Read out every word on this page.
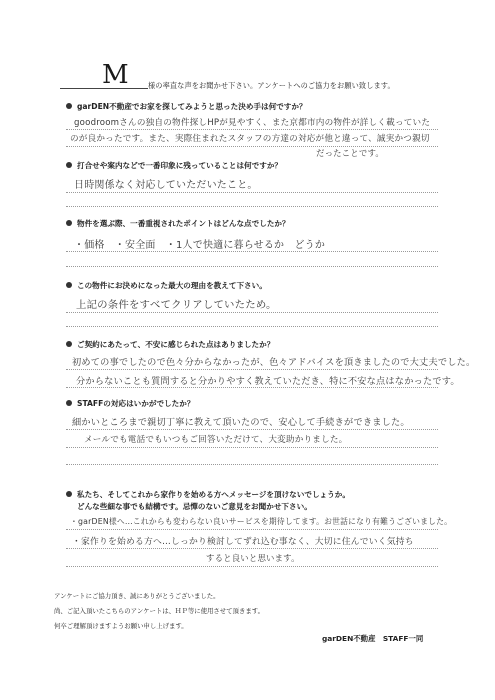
M	様の率直な声をお聞かせ下さい。アンケートへのご協力をお願い致します。
garDEN不動産でお家を探してみようと思った決め手は何ですか？
goodroomさんの独自の物件探しHPが見やすく、また京都市内の物件が詳しく載っていた
のが良かったです。また、実際住まれたスタッフの方達の対応が他と違って、誠実かつ親切
だったことです。
打合せや案内などで一番印象に残っていることは何ですか？
日時関係なく対応していただいたこと。
物件を選ぶ際、一番重視されたポイントはどんな点でしたか？
・価格　・安全面　・1人で快適に暮らせるか　どうか
この物件にお決めになった最大の理由を教えて下さい。
上記の条件をすべてクリアしていたため。
ご契約にあたって、不安に感じられた点はありましたか？
初めての事でしたので色々分からなかったが、色々アドバイスを頂きましたので大丈夫でした。
分からないことも質問すると分かりやすく教えていただき、特に不安な点はなかったです。
STAFFの対応はいかがでしたか？
細かいところまで親切丁寧に教えて頂いたので、安心して手続きができました。
メールでも電話でもいつもご回答いただけて、大変助かりました。
私たち、そしてこれから家作りを始める方へメッセージを頂けないでしょうか。
どんな些細な事でも結構です。忌憚のないご意見をお聞かせ下さい。
・garDEN様へ…これからも変わらない良いサービスを期待してます。お世話になり有難うございました。
・家作りを始める方へ…しっかり検討してずれ込む事なく、大切に住んでいく気持ち
すると良いと思います。
アンケートにご協力頂き、誠にありがとうございました。
尚、ご記入頂いたこちらのアンケートは、ＨＰ等に使用させて頂きます。
何卒ご理解頂けますようお願い申し上げます。
garDEN不動産　STAFF一同
